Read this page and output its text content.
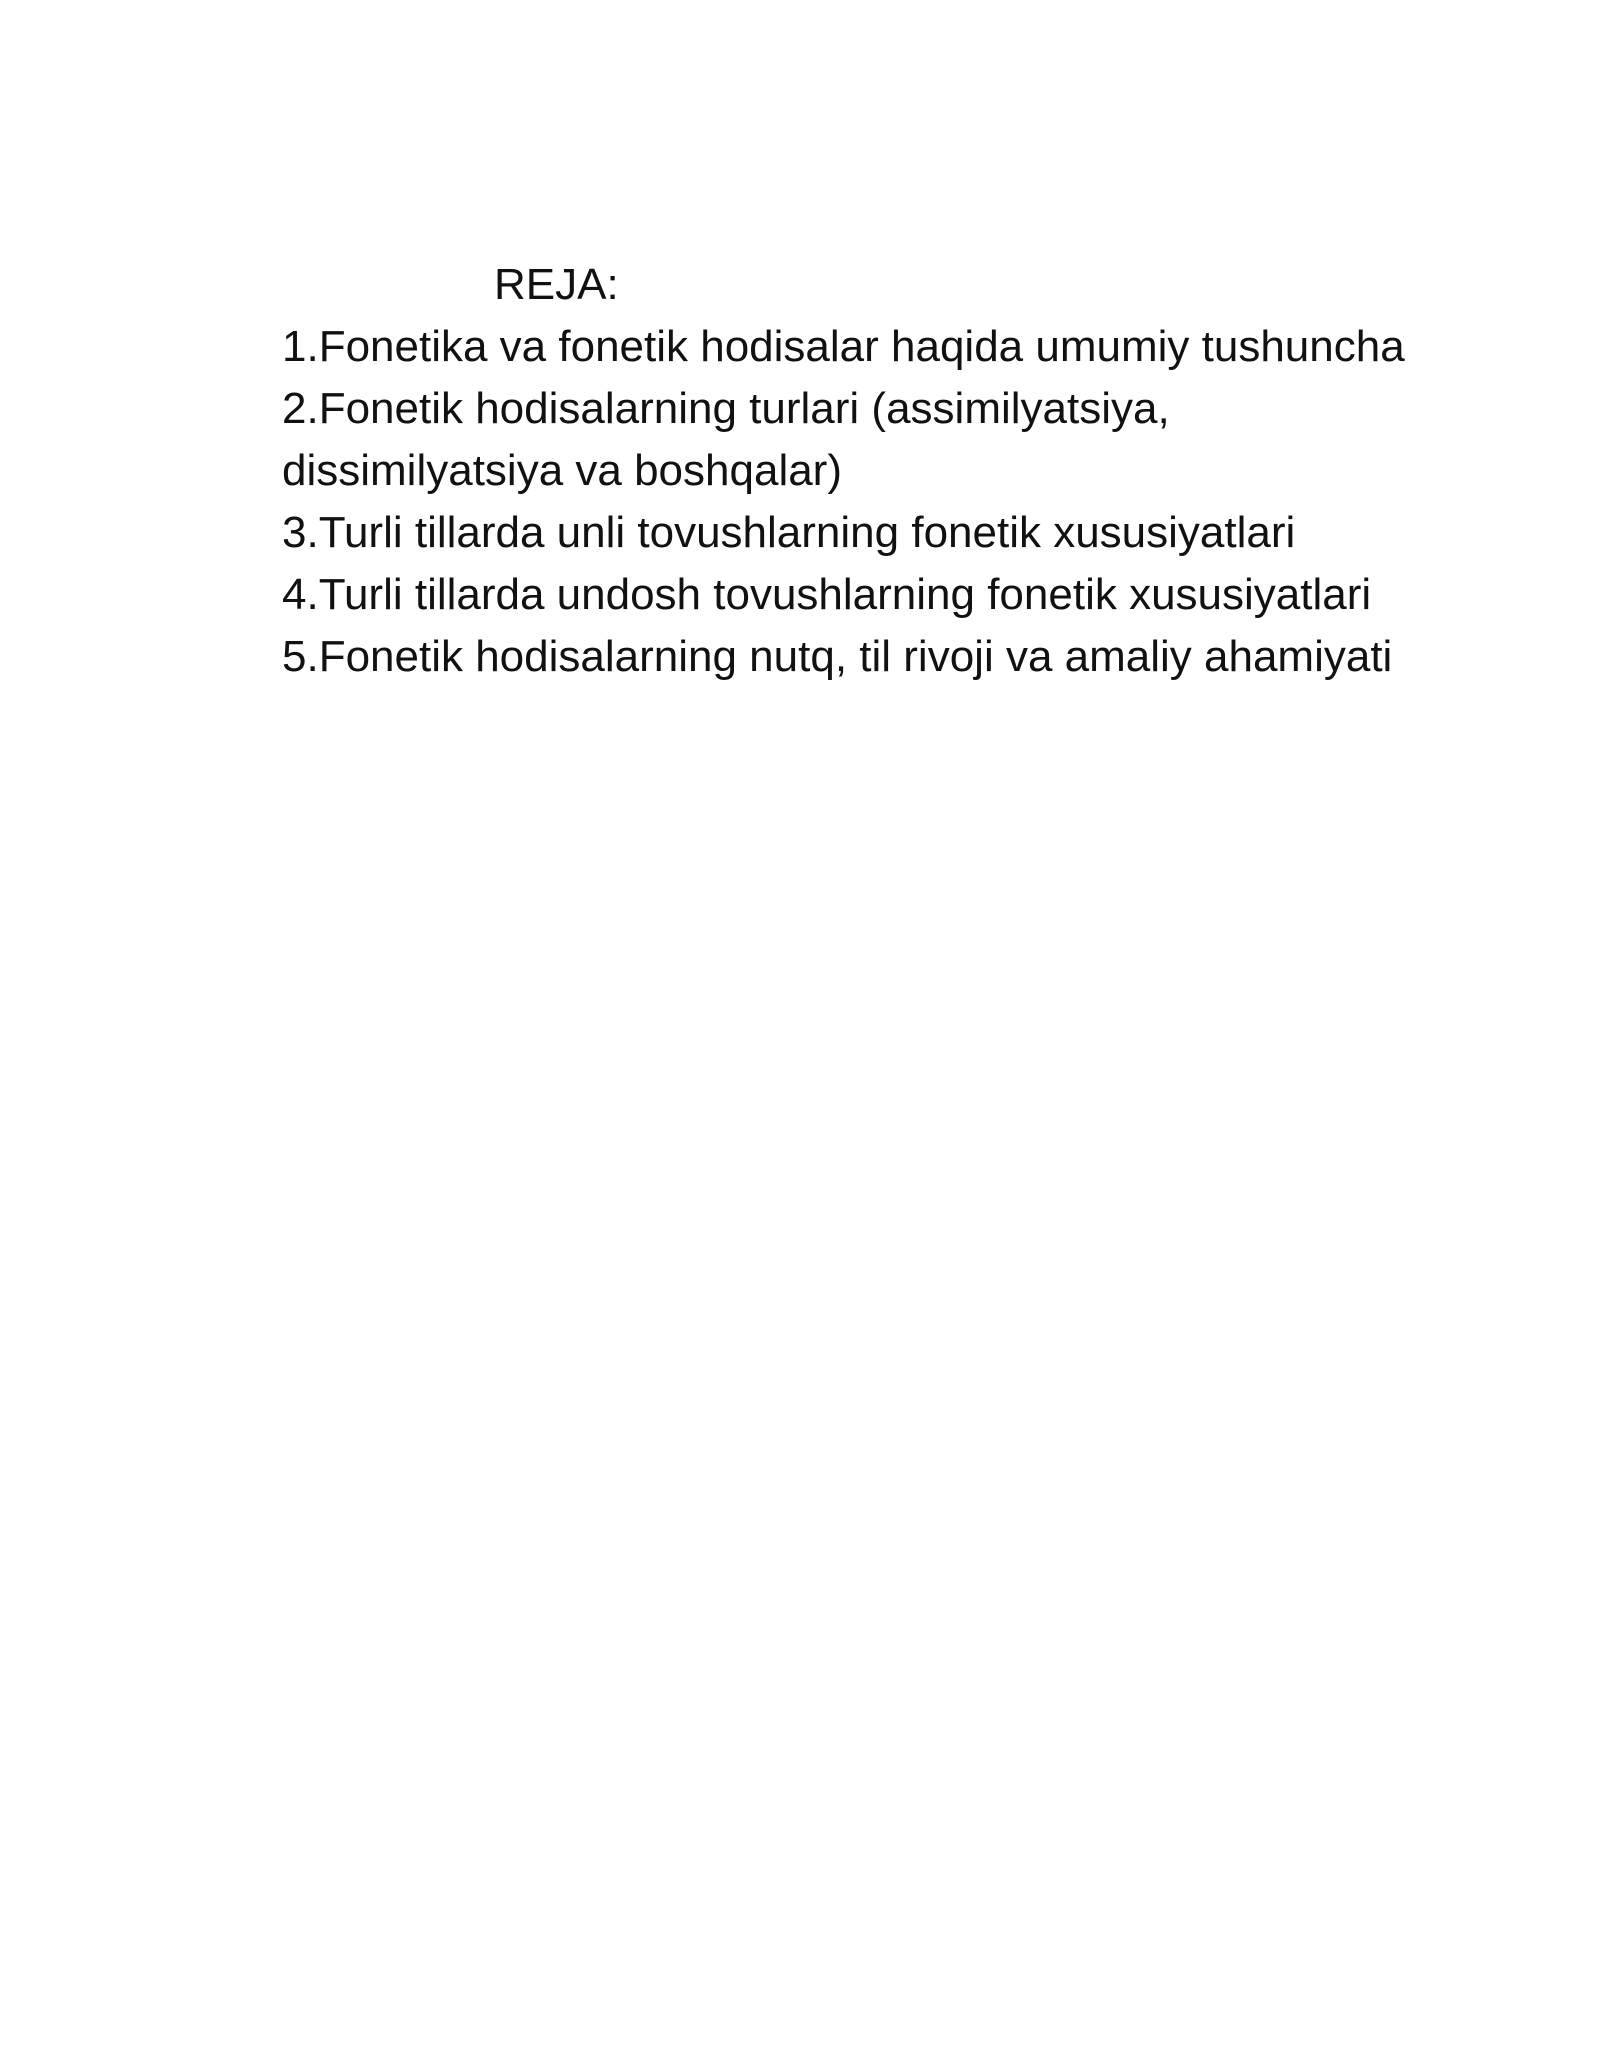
REJA:
1.Fonetika va fonetik hodisalar haqida umumiy tushuncha
2.Fonetik hodisalarning turlari (assimilyatsiya, dissimilyatsiya va boshqalar)
3.Turli tillarda unli tovushlarning fonetik xususiyatlari
4.Turli tillarda undosh tovushlarning fonetik xususiyatlari
5.Fonetik hodisalarning nutq, til rivoji va amaliy ahamiyati
